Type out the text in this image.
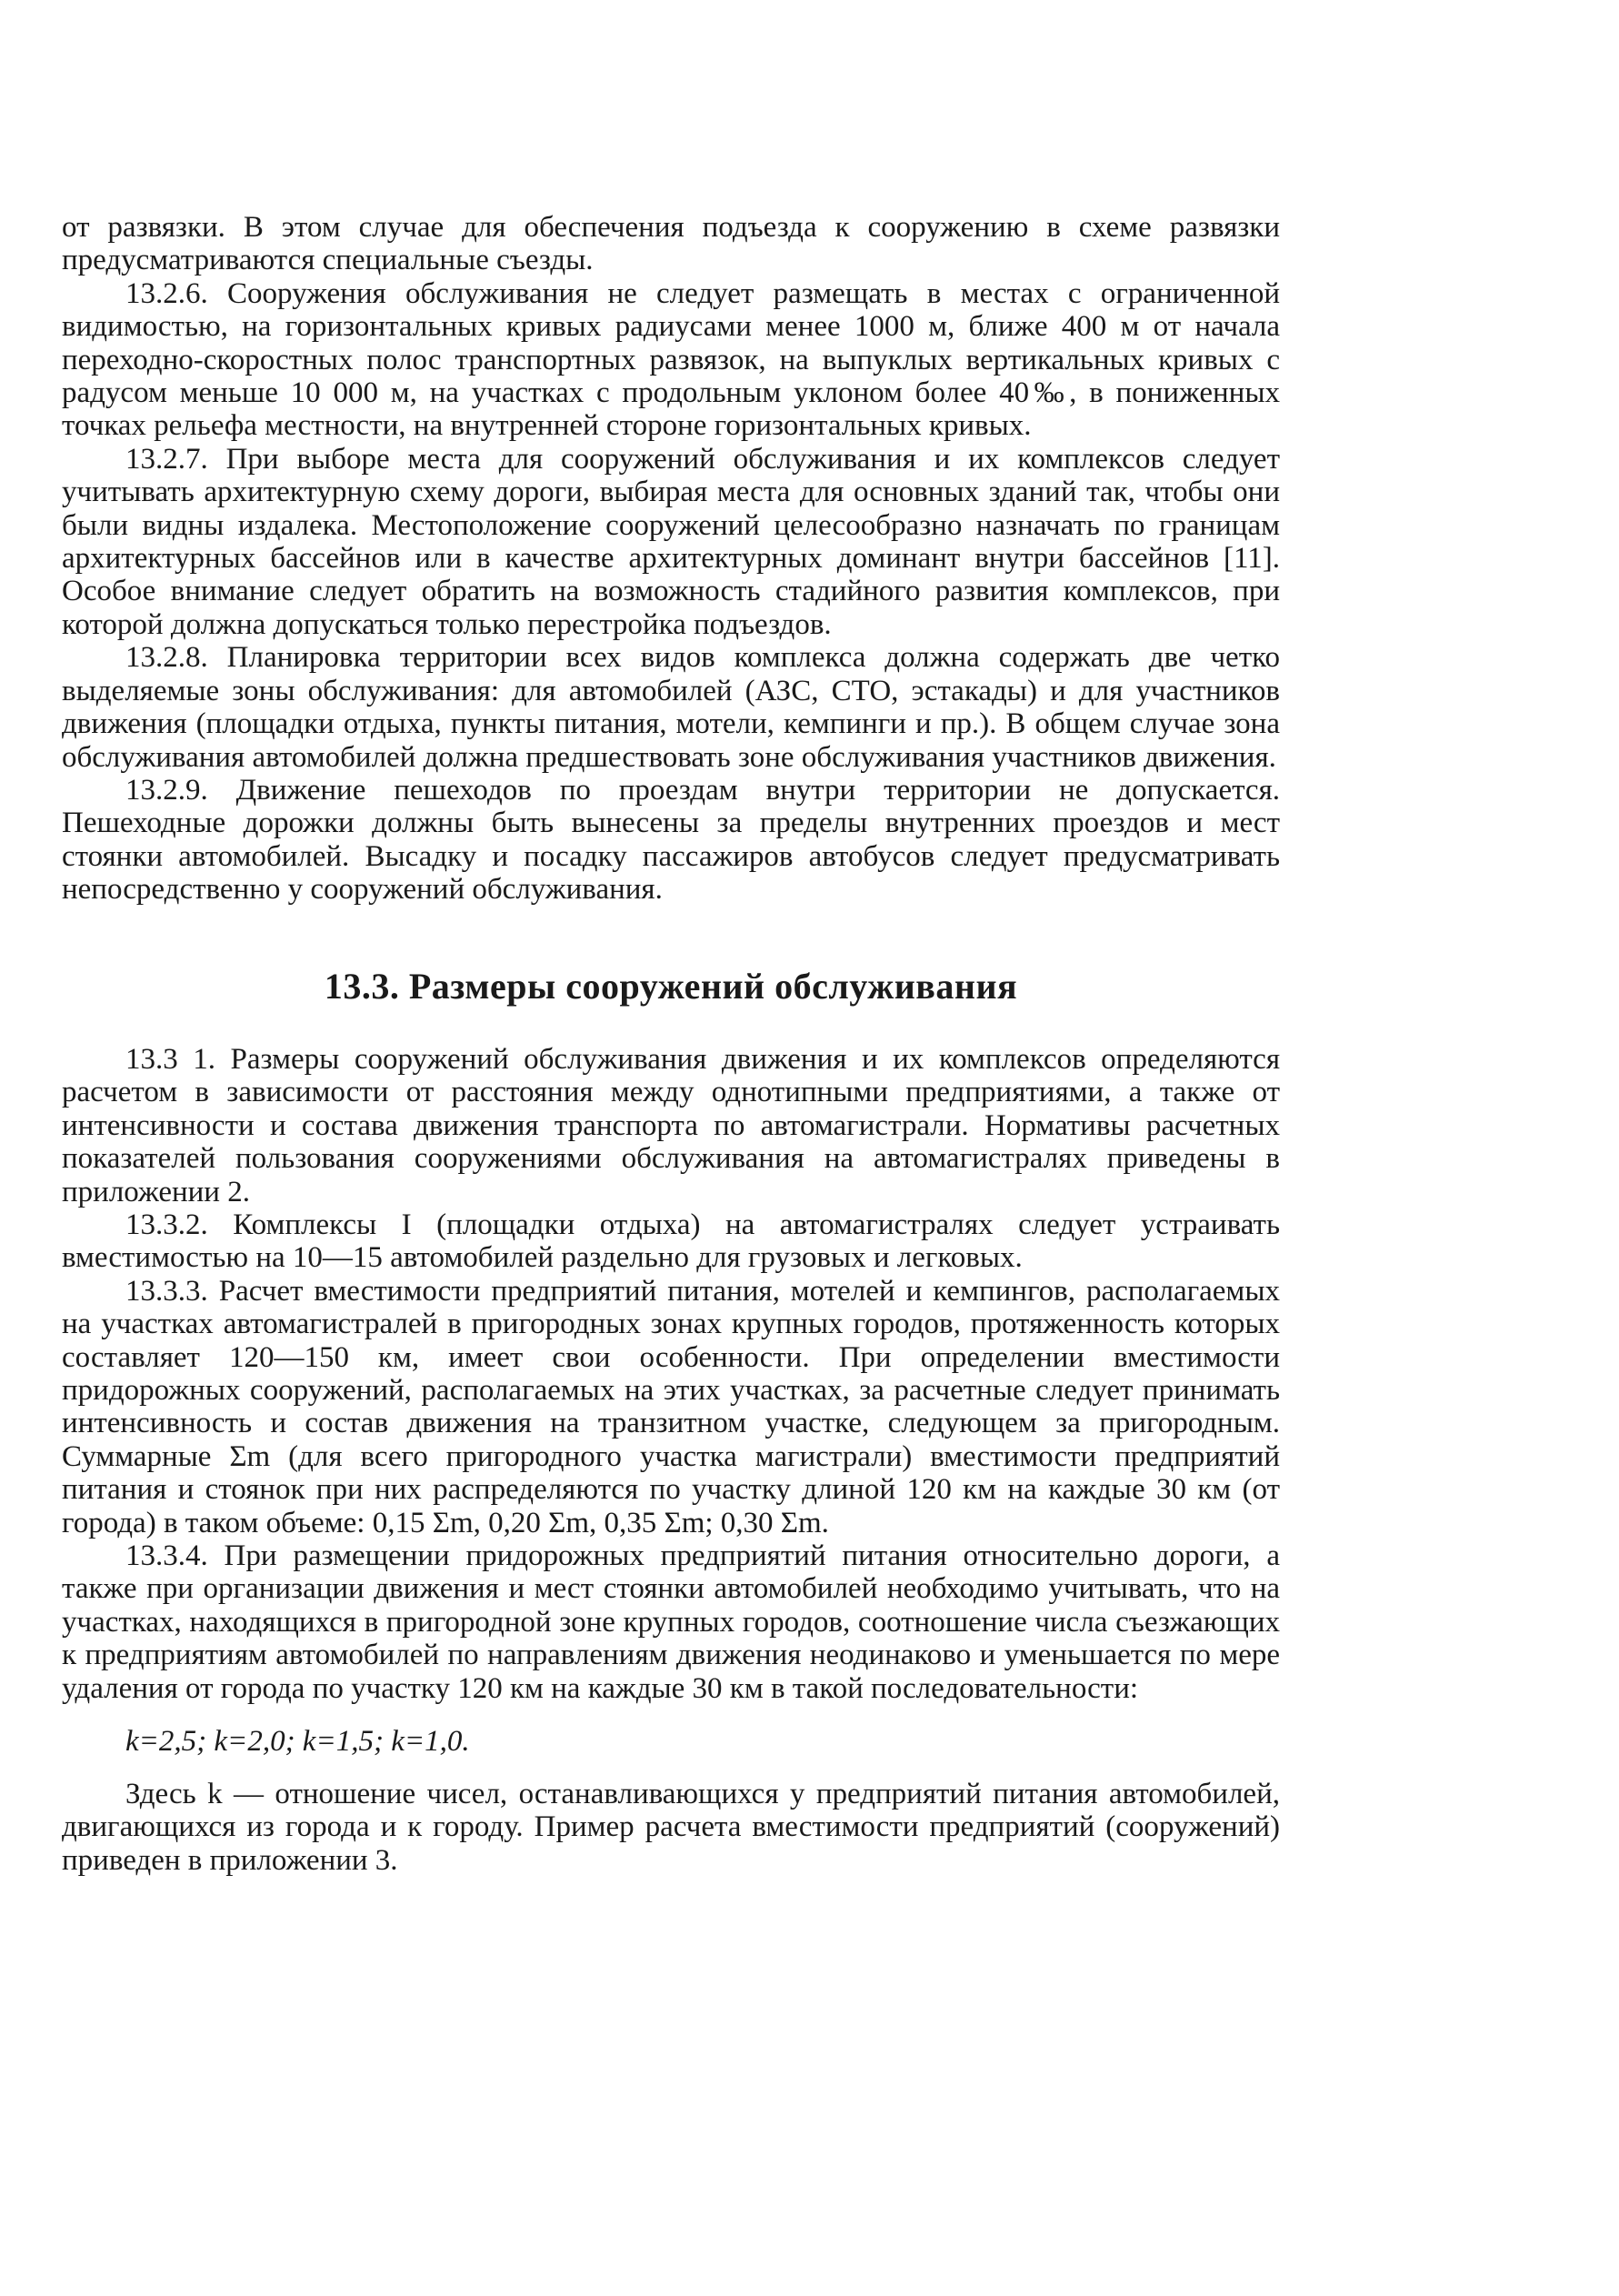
от развязки. В этом случае для обеспечения подъезда к сооружению в схеме развязки предусматриваются специальные съезды.

13.2.6. Сооружения обслуживания не следует размещать в местах с ограниченной видимостью, на горизонтальных кривых радиусами менее 1000 м, ближе 400 м от начала переходно-скоростных полос транспортных развязок, на выпуклых вертикальных кривых с радусом меньше 10 000 м, на участках с продольным уклоном более 40‰, в пониженных точках рельефа местности, на внутренней стороне горизонтальных кривых.

13.2.7. При выборе места для сооружений обслуживания и их комплексов следует учитывать архитектурную схему дороги, выбирая места для основных зданий так, чтобы они были видны издалека. Местоположение сооружений целесообразно назначать по границам архитектурных бассейнов или в качестве архитектурных доминант внутри бассейнов [11]. Особое внимание следует обратить на возможность стадийного развития комплексов, при которой должна допускаться только перестройка подъездов.

13.2.8. Планировка территории всех видов комплекса должна содержать две четко выделяемые зоны обслуживания: для автомобилей (АЗС, СТО, эстакады) и для участников движения (площадки отдыха, пункты питания, мотели, кемпинги и пр.). В общем случае зона обслуживания автомобилей должна предшествовать зоне обслуживания участников движения.

13.2.9. Движение пешеходов по проездам внутри территории не допускается. Пешеходные дорожки должны быть вынесены за пределы внутренних проездов и мест стоянки автомобилей. Высадку и посадку пассажиров автобусов следует предусматривать непосредственно у сооружений обслуживания.

13.3. Размеры сооружений обслуживания

13.3 1. Размеры сооружений обслуживания движения и их комплексов определяются расчетом в зависимости от расстояния между однотипными предприятиями, а также от интенсивности и состава движения транспорта по автомагистрали. Нормативы расчетных показателей пользования сооружениями обслуживания на автомагистралях приведены в приложении 2.

13.3.2. Комплексы I (площадки отдыха) на автомагистралях следует устраивать вместимостью на 10—15 автомобилей раздельно для грузовых и легковых.

13.3.3. Расчет вместимости предприятий питания, мотелей и кемпингов, располагаемых на участках автомагистралей в пригородных зонах крупных городов, протяженность которых составляет 120—150 км, имеет свои особенности. При определении вместимости придорожных сооружений, располагаемых на этих участках, за расчетные следует принимать интенсивность и состав движения на транзитном участке, следующем за пригородным. Суммарные Σm (для всего пригородного участка магистрали) вместимости предприятий питания и стоянок при них распределяются по участку длиной 120 км на каждые 30 км (от города) в таком объеме: 0,15 Σm, 0,20 Σm, 0,35 Σm; 0,30 Σm.

13.3.4. При размещении придорожных предприятий питания относительно дороги, а также при организации движения и мест стоянки автомобилей необходимо учитывать, что на участках, находящихся в пригородной зоне крупных городов, соотношение числа съезжающих к предприятиям автомобилей по направлениям движения неодинаково и уменьшается по мере удаления от города по участку 120 км на каждые 30 км в такой последовательности:

k=2,5; k=2,0; k=1,5; k=1,0.

Здесь k — отношение чисел, останавливающихся у предприятий питания автомобилей, двигающихся из города и к городу. Пример расчета вместимости предприятий (сооружений) приведен в приложении 3.
